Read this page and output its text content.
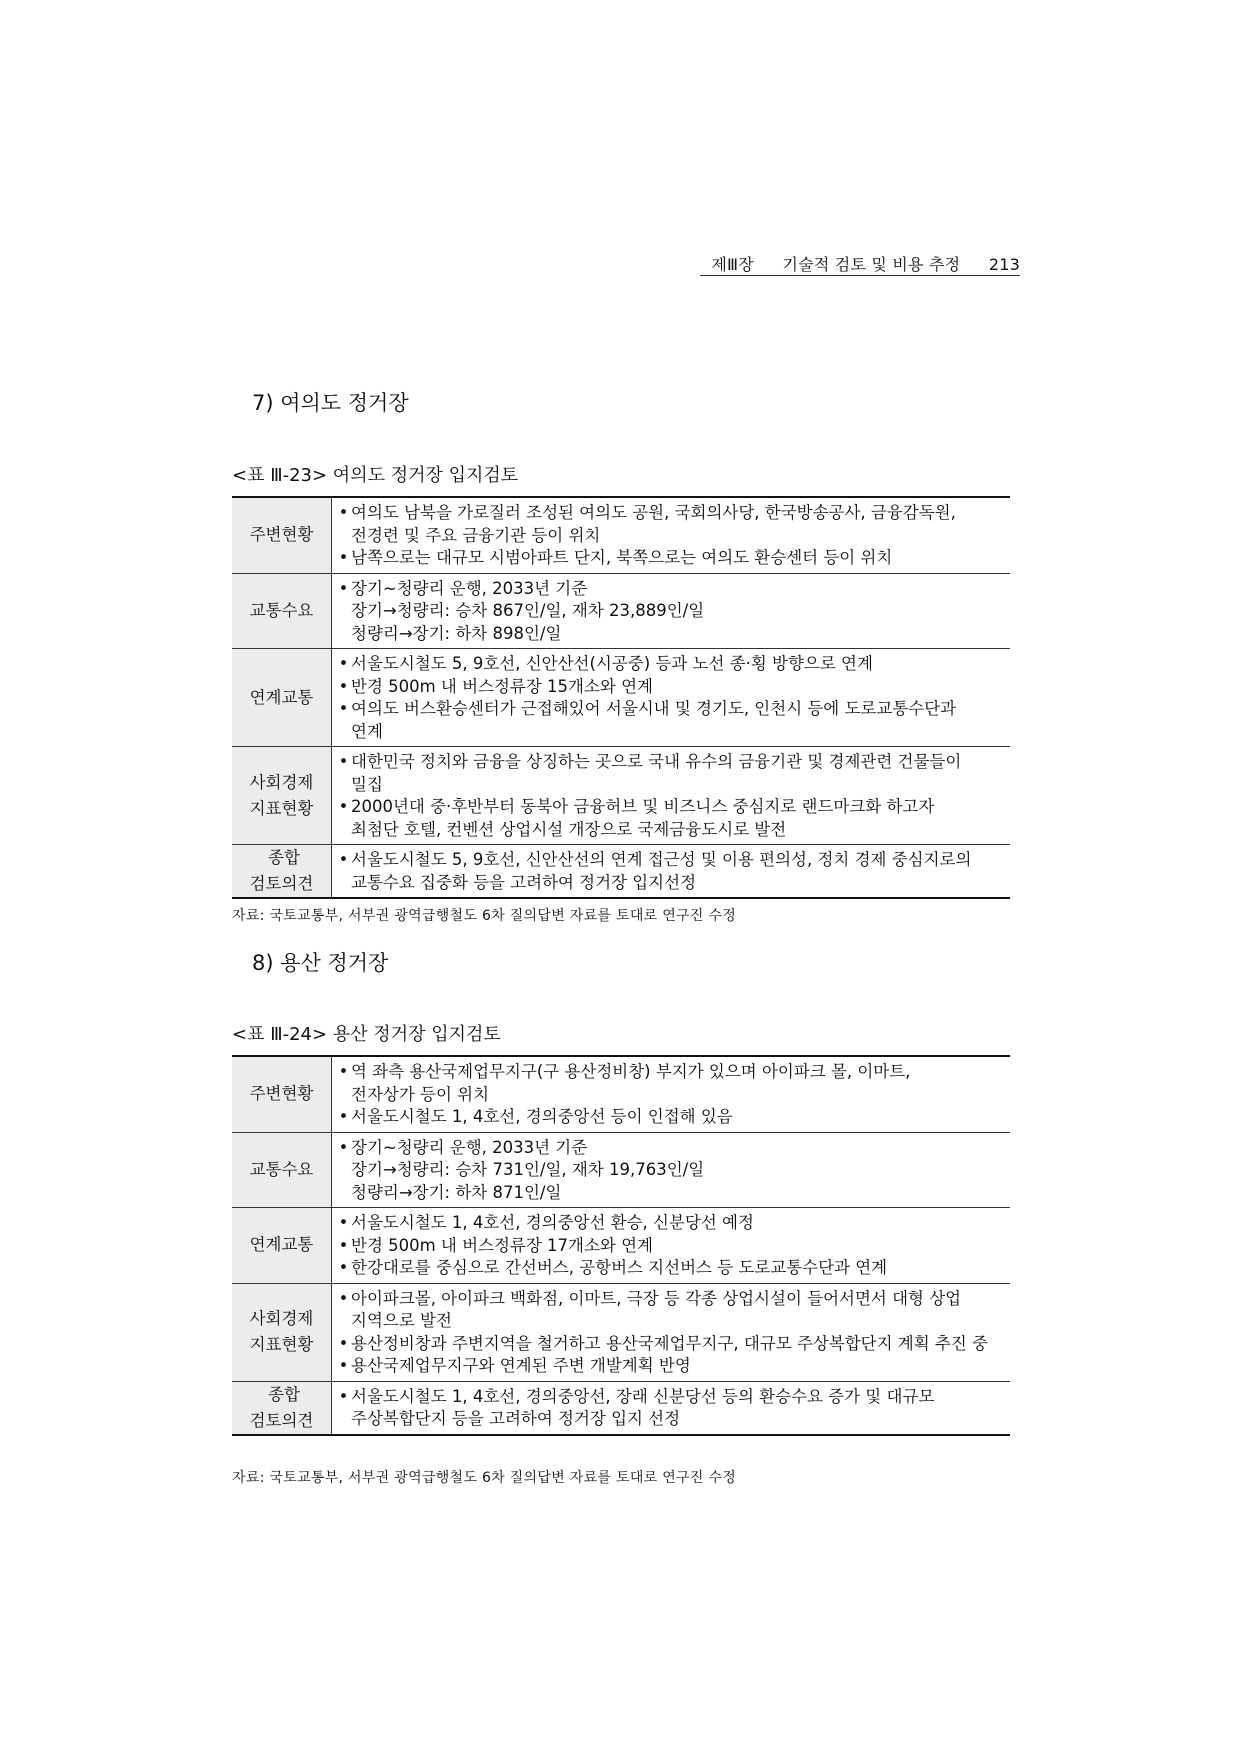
제Ⅲ장 기술적 검토 및 비용 추정 213
7) 여의도 정거장
<표 Ⅲ-23> 여의도 정거장 입지검토
주변현황	• 여의도 남북을 가로질러 조성된 여의도 공원, 국회의사당, 한국방송공사, 금융감독원,
전경련 및 주요 금융기관 등이 위치
• 남쪽으로는 대규모 시범아파트 단지, 북쪽으로는 여의도 환승센터 등이 위치

교통수요	• 장기~청량리 운행, 2033년 기준
장기→청량리: 승차 867인/일, 재차 23,889인/일
청량리→장기: 하차 898인/일

연계교통	• 서울도시철도 5, 9호선, 신안산선(시공중) 등과 노선 종·횡 방향으로 연계
• 반경 500m 내 버스정류장 15개소와 연계
• 여의도 버스환승센터가 근접해있어 서울시내 및 경기도, 인천시 등에 도로교통수단과
연계

사회경제
지표현황	• 대한민국 정치와 금융을 상징하는 곳으로 국내 유수의 금융기관 및 경제관련 건물들이
밀집
• 2000년대 중·후반부터 동북아 금융허브 및 비즈니스 중심지로 랜드마크화 하고자
최첨단 호텔, 컨벤션 상업시설 개장으로 국제금융도시로 발전

종합
검토의견	• 서울도시철도 5, 9호선, 신안산선의 연계 접근성 및 이용 편의성, 정치 경제 중심지로의
교통수요 집중화 등을 고려하여 정거장 입지선정
자료: 국토교통부, 서부권 광역급행철도 6차 질의답변 자료를 토대로 연구진 수정
8) 용산 정거장
<표 Ⅲ-24> 용산 정거장 입지검토
주변현황	• 역 좌측 용산국제업무지구(구 용산정비창) 부지가 있으며 아이파크 몰, 이마트,
전자상가 등이 위치
• 서울도시철도 1, 4호선, 경의중앙선 등이 인접해 있음

교통수요	• 장기~청량리 운행, 2033년 기준
장기→청량리: 승차 731인/일, 재차 19,763인/일
청량리→장기: 하차 871인/일

연계교통	• 서울도시철도 1, 4호선, 경의중앙선 환승, 신분당선 예정
• 반경 500m 내 버스정류장 17개소와 연계
• 한강대로를 중심으로 간선버스, 공항버스 지선버스 등 도로교통수단과 연계

사회경제
지표현황	• 아이파크몰, 아이파크 백화점, 이마트, 극장 등 각종 상업시설이 들어서면서 대형 상업
지역으로 발전
• 용산정비창과 주변지역을 철거하고 용산국제업무지구, 대규모 주상복합단지 계획 추진 중
• 용산국제업무지구와 연계된 주변 개발계획 반영

종합
검토의견	• 서울도시철도 1, 4호선, 경의중앙선, 장래 신분당선 등의 환승수요 증가 및 대규모
주상복합단지 등을 고려하여 정거장 입지 선정
자료: 국토교통부, 서부권 광역급행철도 6차 질의답변 자료를 토대로 연구진 수정
